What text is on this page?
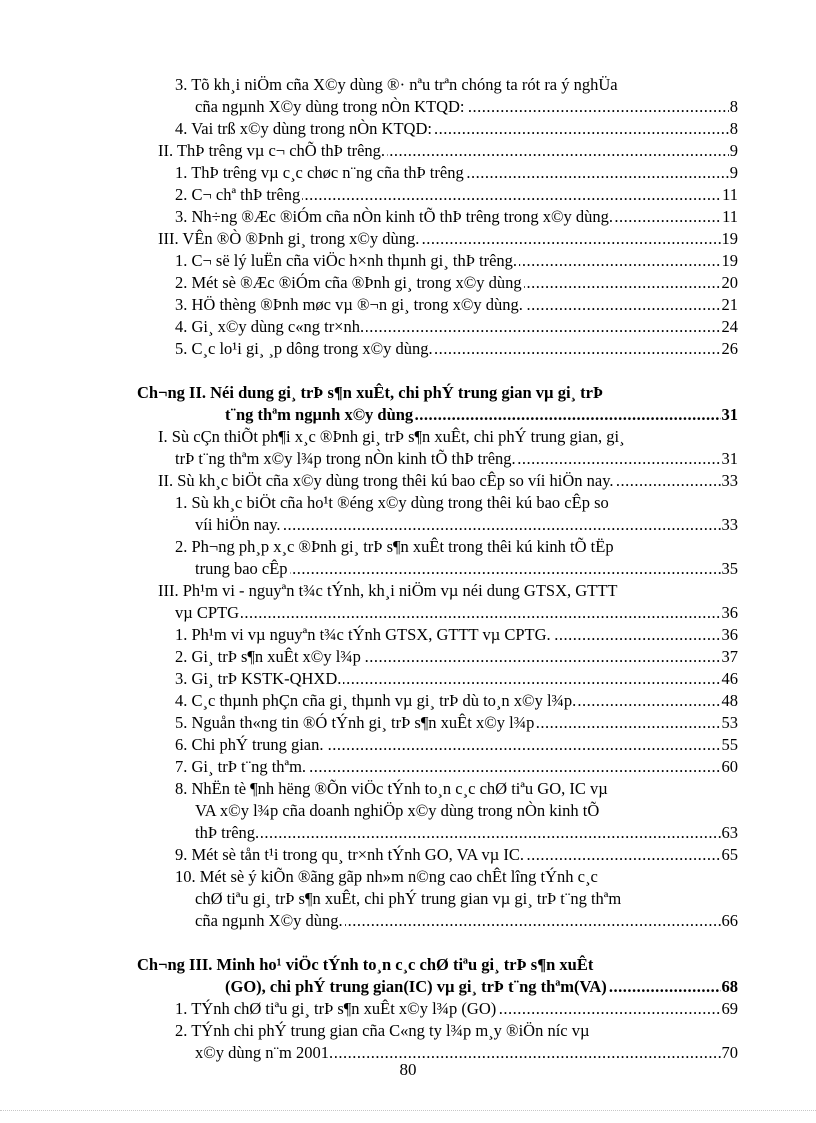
3. Tõ kh¸i niÖm cña X©y dùng ®· nªu trªn chóng ta rót ra ý nghÜa
.....
cña ngµnh X©y dùng trong nÒn KTQD:	8
.....
4. Vai trß x©y dùng trong nÒn KTQD:	8
.....
II. ThÞ trêng vµ c¬ chÕ thÞ trêng.	9
.....
1. ThÞ trêng vµ c¸c chøc n¨ng cña thÞ trêng	9
.....
2. C¬ chª thÞ trêng	11
.....
3. Nh÷ng ®Æc ®iÓm cña nÒn kinh tÕ thÞ trêng trong x©y dùng.	11
.....
III. VÊn ®Ò ®Þnh gi¸ trong x©y dùng.	19
.....
1. C¬ së lý luËn cña viÖc h×nh thµnh gi¸ thÞ trêng.	19
.....
2. Mét sè ®Æc ®iÓm cña ®Þnh gi¸ trong x©y dùng	20
.....
3. HÖ thèng ®Þnh møc vµ ®¬n gi¸ trong x©y dùng.	21
.....
4. Gi¸ x©y dùng c«ng tr×nh.	24
.....
5. C¸c lo¹i gi¸ ¸p dông trong x©y dùng.	26
Ch¬ng II. Néi dung gi¸ trÞ s¶n xuÊt, chi phÝ trung gian vµ gi¸ trÞ
.....
t¨ng thªm ngµnh x©y dùng	31
I. Sù cÇn thiÕt ph¶i x¸c ®Þnh gi¸ trÞ s¶n xuÊt, chi phÝ trung gian, gi¸
.....
trÞ t¨ng thªm x©y l¾p trong nÒn kinh tÕ thÞ trêng.	31
.....
II. Sù kh¸c biÖt cña x©y dùng trong thêi kú bao cÊp so víi hiÖn nay.	33
1. Sù kh¸c biÖt cña ho¹t ®éng x©y dùng trong thêi kú bao cÊp so
.....
víi hiÖn nay.	33
2. Ph¬ng ph¸p x¸c ®Þnh gi¸ trÞ s¶n xuÊt trong thêi kú kinh tÕ tËp
.....
trung bao cÊp	35
III. Ph¹m vi - nguyªn t¾c tÝnh, kh¸i niÖm vµ néi dung GTSX, GTTT
.....
vµ CPTG	36
.....
1. Ph¹m vi vµ nguyªn t¾c tÝnh GTSX, GTTT vµ CPTG.	36
.....
2. Gi¸ trÞ s¶n xuÊt x©y l¾p	37
.....
3. Gi¸ trÞ KSTK-QHXD.	46
.....
4. C¸c thµnh phÇn cña gi¸ thµnh vµ gi¸ trÞ dù to¸n x©y l¾p.	48
.....
5. Nguån th«ng tin ®Ó tÝnh gi¸ trÞ s¶n xuÊt x©y l¾p	53
.....
6. Chi phÝ trung gian.	55
.....
7. Gi¸ trÞ t¨ng thªm.	60
8. NhËn tè ¶nh hëng ®Õn viÖc tÝnh to¸n c¸c chØ tiªu GO, IC vµ
VA x©y l¾p cña doanh nghiÖp x©y dùng trong nÒn kinh tÕ
.....
thÞ trêng.	63
.....
9. Mét sè tån t¹i trong qu¸ tr×nh tÝnh GO, VA vµ IC.	65
10. Mét sè ý kiÕn ®ãng gãp nh»m n©ng cao chÊt lîng tÝnh c¸c
chØ tiªu gi¸ trÞ s¶n xuÊt, chi phÝ trung gian vµ gi¸ trÞ t¨ng thªm
.....
cña ngµnh X©y dùng.	66
Ch¬ng III. Minh ho¹ viÖc tÝnh to¸n c¸c chØ tiªu gi¸ trÞ s¶n xuÊt
.....
(GO), chi phÝ trung gian(IC) vµ gi¸ trÞ t¨ng thªm(VA)	68
.....
1. TÝnh chØ tiªu gi¸ trÞ s¶n xuÊt x©y l¾p (GO)	69
2. TÝnh chi phÝ trung gian cña C«ng ty l¾p m¸y ®iÖn níc vµ
.....
x©y dùng n¨m 2001.	70
80
